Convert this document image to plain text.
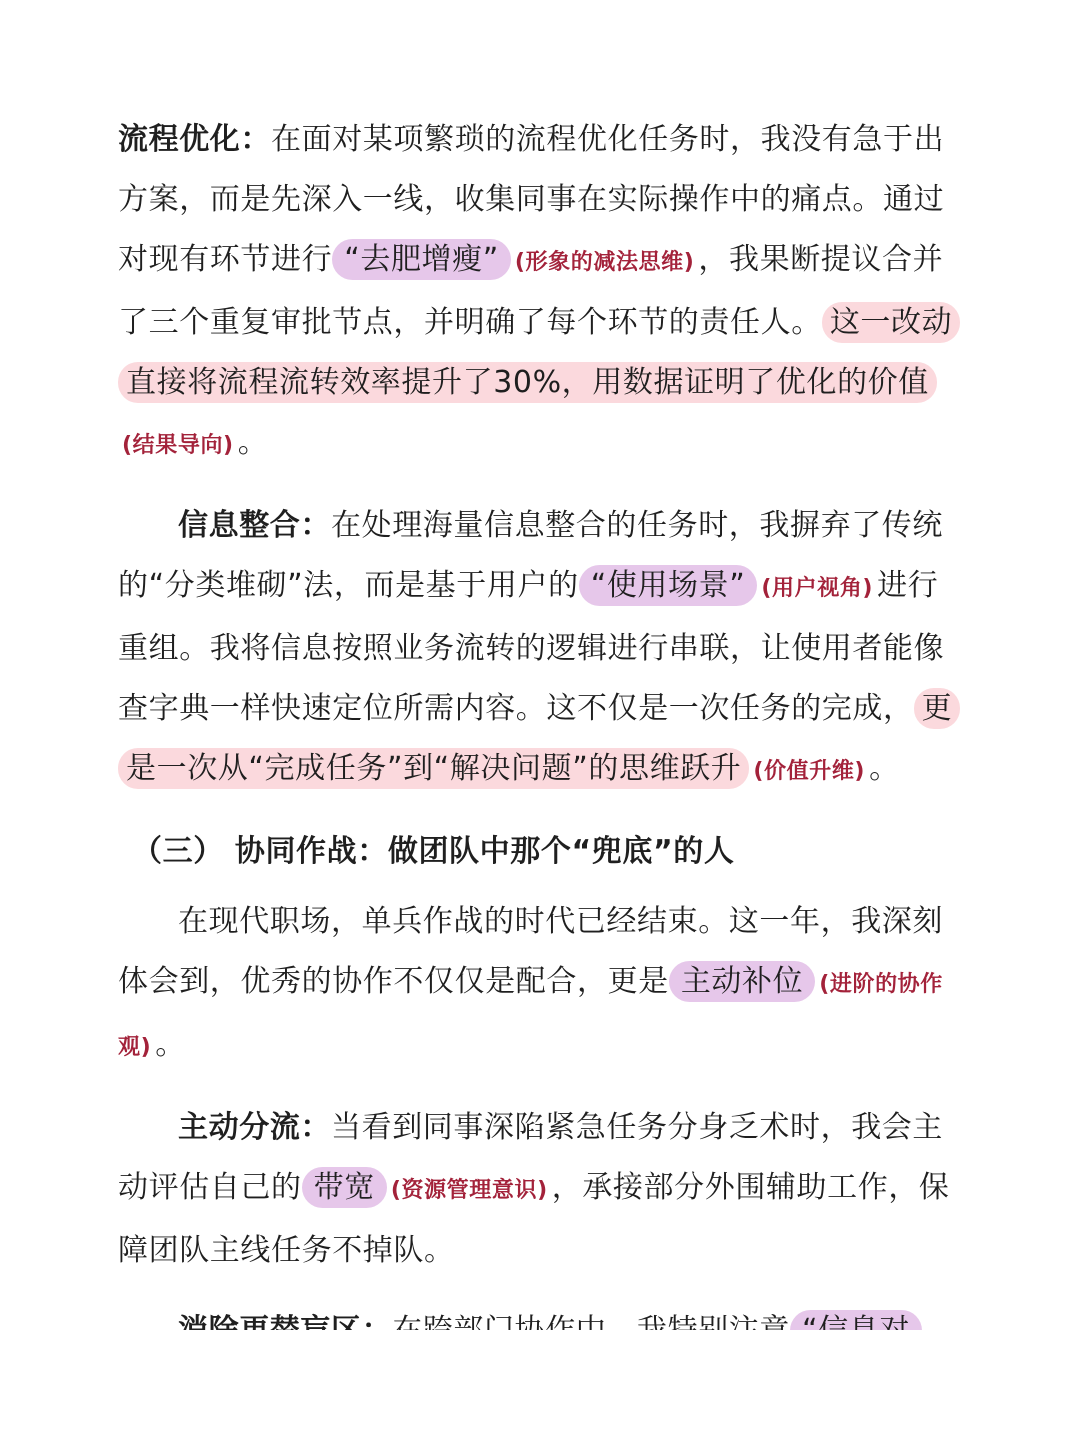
流程优化：在面对某项繁琐的流程优化任务时，我没有急于出方案，而是先深入一线，收集同事在实际操作中的痛点。通过对现有环节进行 “去肥增瘦” (形象的减法思维) ，我果断提议合并了三个重复审批节点，并明确了每个环节的责任人。 这一改动直接将流程流转效率提升了30%，用数据证明了优化的价值(结果导向) 。

信息整合：在处理海量信息整合的任务时，我摒弃了传统的“分类堆砌”法，而是基于用户的 “使用场景” (用户视角) 进行重组。我将信息按照业务流转的逻辑进行串联，让使用者能像查字典一样快速定位所需内容。这不仅是一次任务的完成， 更是一次从“完成任务”到“解决问题”的思维跃升 (价值升维) 。

（三） 协同作战：做团队中那个“兜底”的人

在现代职场，单兵作战的时代已经结束。这一年，我深刻体会到，优秀的协作不仅仅是配合，更是 主动补位 (进阶的协作观) 。

主动分流：当看到同事深陷紧急任务分身乏术时，我会主动评估自己的 带宽 (资源管理意识) ，承接部分外围辅助工作，保障团队主线任务不掉队。
